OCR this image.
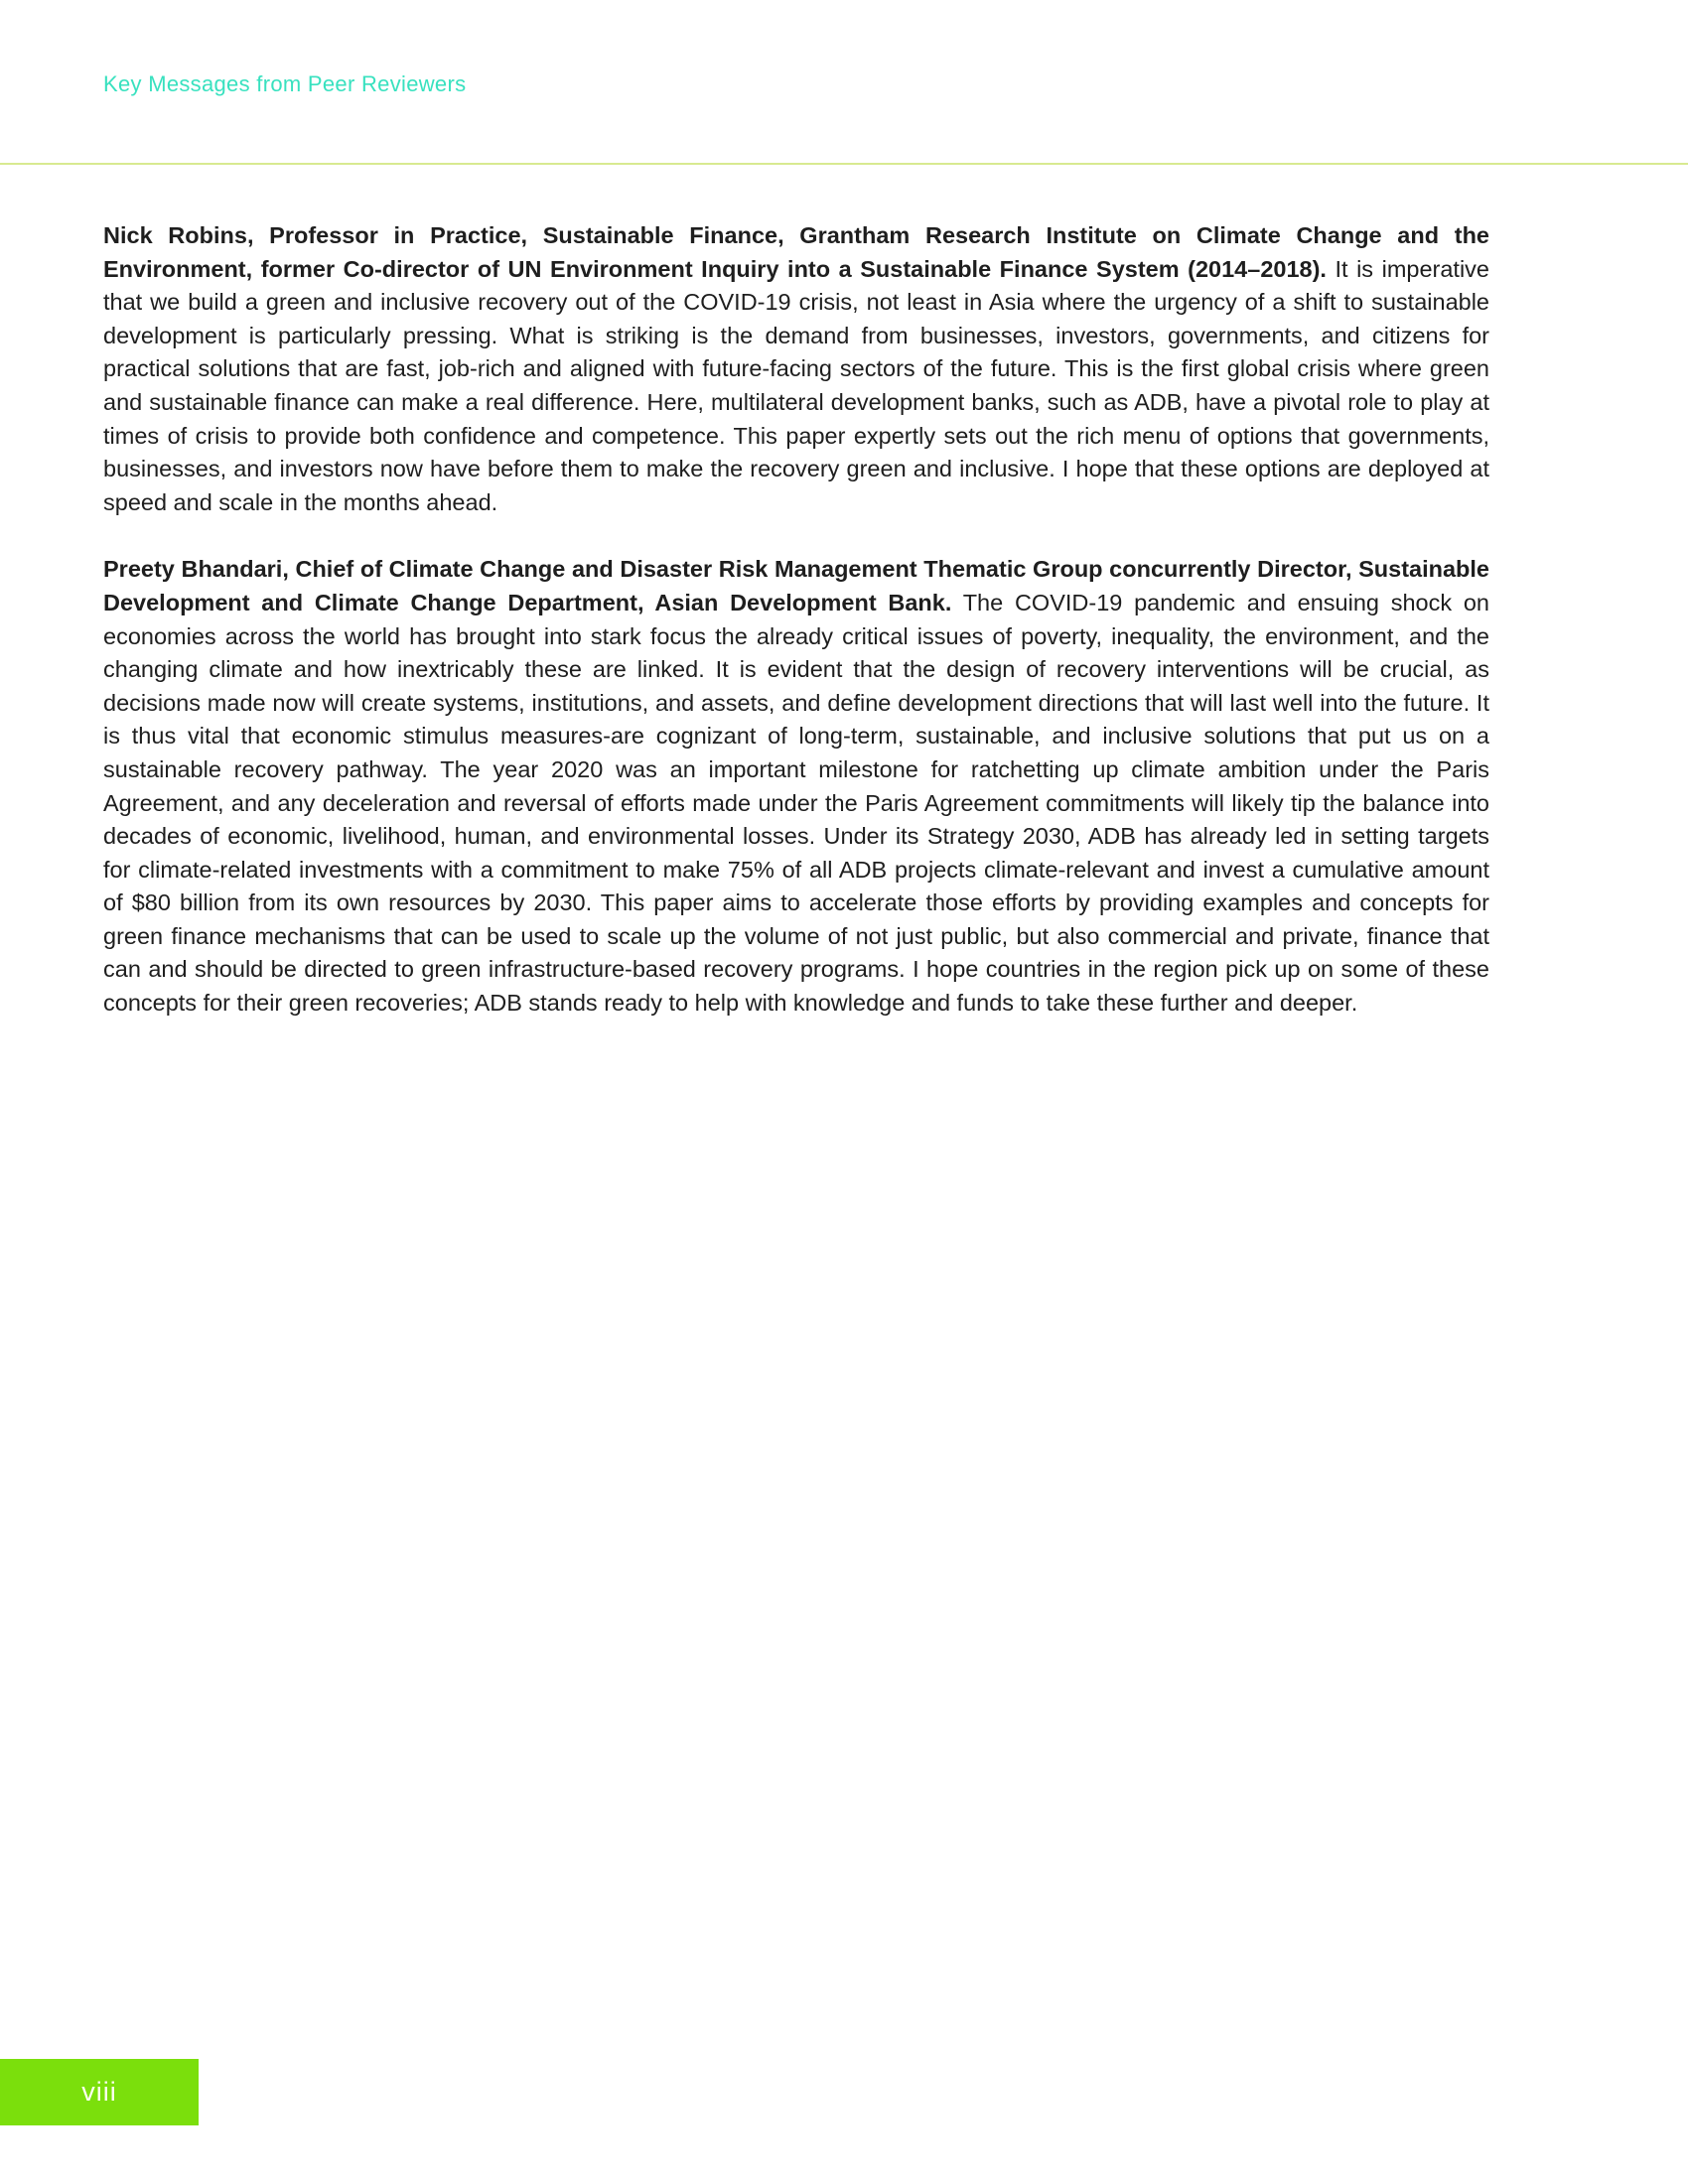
Key Messages from Peer Reviewers

Nick Robins, Professor in Practice, Sustainable Finance, Grantham Research Institute on Climate Change and the Environment, former Co-director of UN Environment Inquiry into a Sustainable Finance System (2014–2018). It is imperative that we build a green and inclusive recovery out of the COVID-19 crisis, not least in Asia where the urgency of a shift to sustainable development is particularly pressing. What is striking is the demand from businesses, investors, governments, and citizens for practical solutions that are fast, job-rich and aligned with future-facing sectors of the future. This is the first global crisis where green and sustainable finance can make a real difference. Here, multilateral development banks, such as ADB, have a pivotal role to play at times of crisis to provide both confidence and competence. This paper expertly sets out the rich menu of options that governments, businesses, and investors now have before them to make the recovery green and inclusive. I hope that these options are deployed at speed and scale in the months ahead.

Preety Bhandari, Chief of Climate Change and Disaster Risk Management Thematic Group concurrently Director, Sustainable Development and Climate Change Department, Asian Development Bank. The COVID-19 pandemic and ensuing shock on economies across the world has brought into stark focus the already critical issues of poverty, inequality, the environment, and the changing climate and how inextricably these are linked. It is evident that the design of recovery interventions will be crucial, as decisions made now will create systems, institutions, and assets, and define development directions that will last well into the future. It is thus vital that economic stimulus measures-are cognizant of long-term, sustainable, and inclusive solutions that put us on a sustainable recovery pathway. The year 2020 was an important milestone for ratchetting up climate ambition under the Paris Agreement, and any deceleration and reversal of efforts made under the Paris Agreement commitments will likely tip the balance into decades of economic, livelihood, human, and environmental losses. Under its Strategy 2030, ADB has already led in setting targets for climate-related investments with a commitment to make 75% of all ADB projects climate-relevant and invest a cumulative amount of $80 billion from its own resources by 2030. This paper aims to accelerate those efforts by providing examples and concepts for green finance mechanisms that can be used to scale up the volume of not just public, but also commercial and private, finance that can and should be directed to green infrastructure-based recovery programs. I hope countries in the region pick up on some of these concepts for their green recoveries; ADB stands ready to help with knowledge and funds to take these further and deeper.

viii
